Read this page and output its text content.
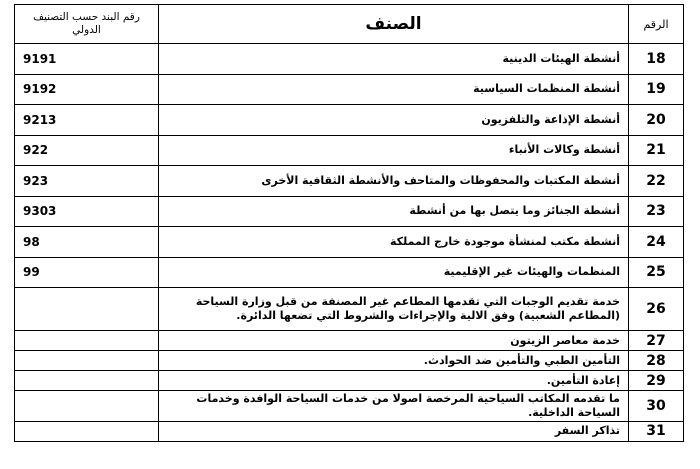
الرقم	الصنف	رقم البند حسب التصنيف الدولي
18	أنشطة الهيئات الدينية	9191
19	أنشطة المنظمات السياسية	9192
20	أنشطة الإذاعة والتلفزيون	9213
21	أنشطة وكالات الأنباء	922
22	أنشطة المكتبات والمحفوظات والمتاحف والأنشطة الثقافية الأخرى	923
23	أنشطة الجنائز وما يتصل بها من أنشطة	9303
24	أنشطة مكتب لمنشأة موجودة خارج المملكة	98
25	المنظمات والهيئات غير الإقليمية	99
26	خدمة تقديم الوجبات التي تقدمها المطاعم غير المصنفة من قبل وزارة السياحة (المطاعم الشعبية) وفق الالية والإجراءات والشروط التي تضعها الدائرة.	
27	خدمة معاصر الزيتون	
28	التأمين الطبي والتأمين ضد الحوادث.	
29	إعادة التأمين.	
30	ما تقدمه المكاتب السياحية المرخصة اصولا من خدمات السياحة الوافدة وخدمات السياحة الداخلية.	
31	تذاكر السفر	
